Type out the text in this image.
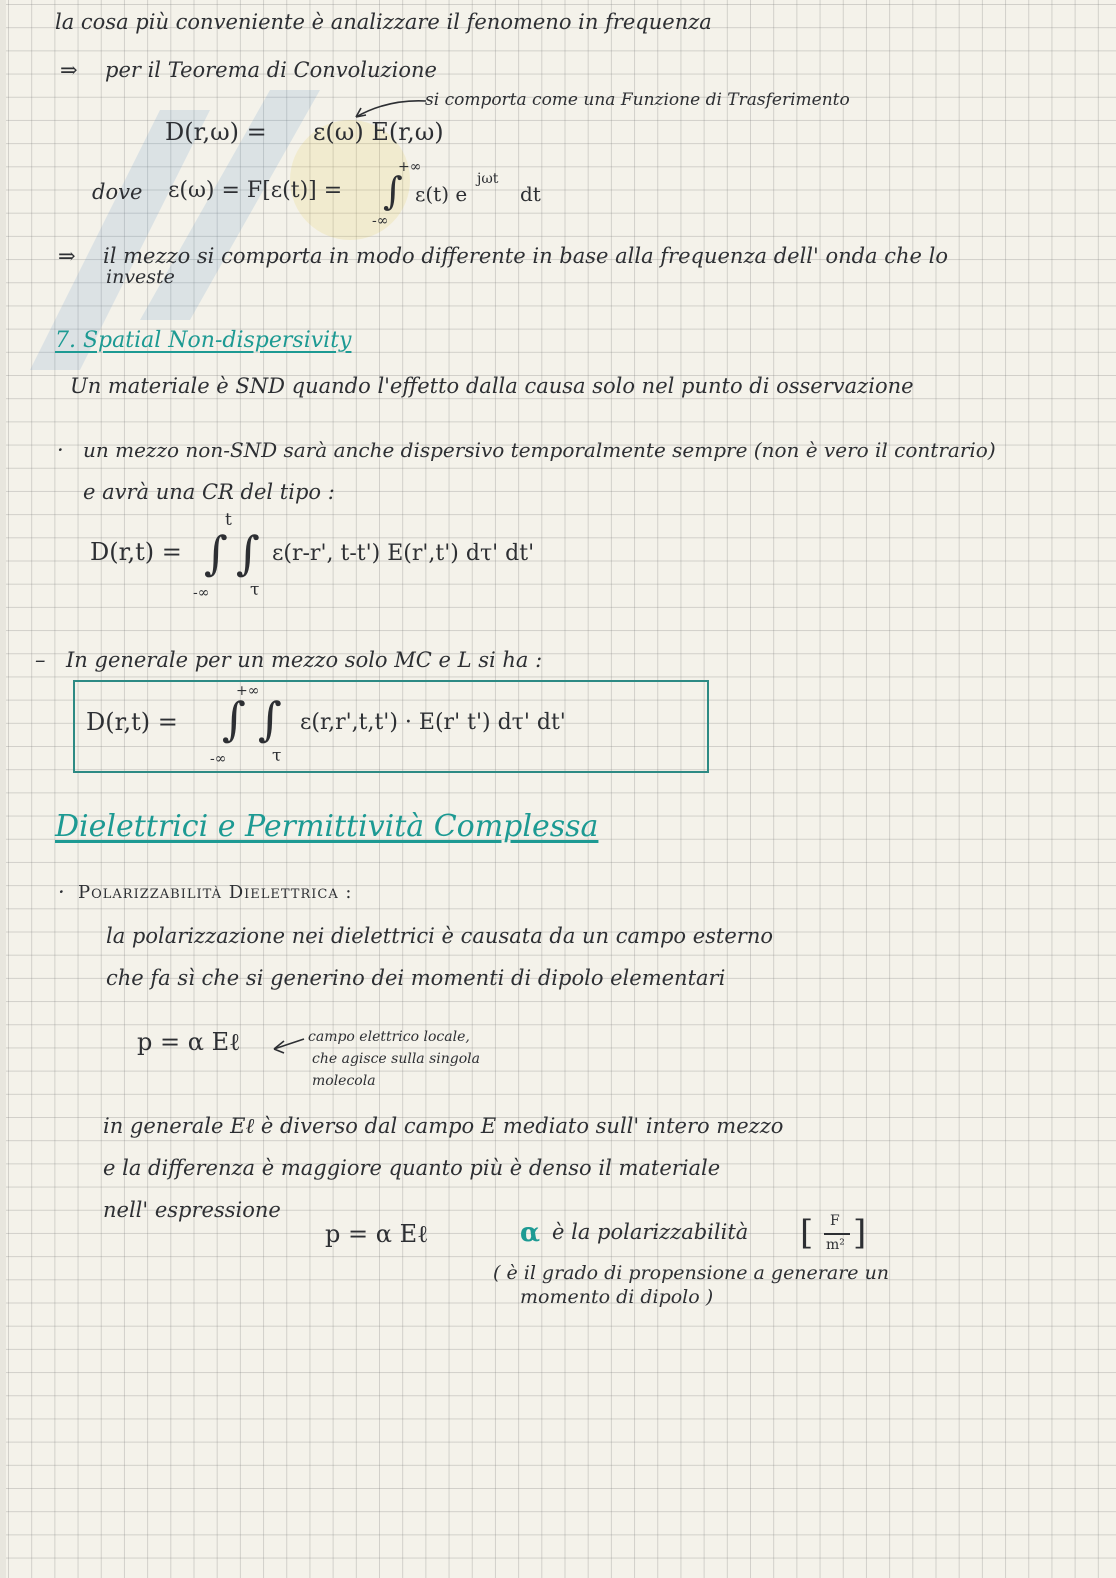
la cosa più conveniente è analizzare il fenomeno in frequenza
⇒ per il Teorema di Convoluzione
si comporta come una Funzione di Trasferimento
D(r,ω) = ε(ω) E(r,ω)
dove ε(ω) = F[ε(t)] =
+∞
∫
-∞
ε(t) e
jωt
dt
⇒ il mezzo si comporta in modo differente in base alla frequenza dell' onda che lo
investe
7. Spatial Non-dispersivity
Un materiale è SND quando l'effetto dalla causa solo nel punto di osservazione
· un mezzo non-SND sarà anche dispersivo temporalmente sempre (non è vero il contrario)
e avrà una CR del tipo :
D(r,t) =
t
∫ ∫
-∞ τ
ε(r-r', t-t') E(r',t') dτ' dt'
– In generale per un mezzo solo MC e L si ha :
D(r,t) =
+∞
∫ ∫
-∞	τ
ε(r,r',t,t') · E(r' t') dτ' dt'
Dielettrici e Permittività Complessa
· Polarizzabilità Dielettrica :
la polarizzazione nei dielettrici è causata da un campo esterno
che fa sì che si generino dei momenti di dipolo elementari
p = α Eℓ	campo elettrico locale,
che agisce sulla singola
molecola
in generale Eℓ è diverso dal campo E mediato sull' intero mezzo
e la differenza è maggiore quanto più è denso il materiale
nell' espressione
p = α Eℓ	α è la polarizzabilità [ F
m² ]
( è il grado di propensione a generare un
momento di dipolo )
